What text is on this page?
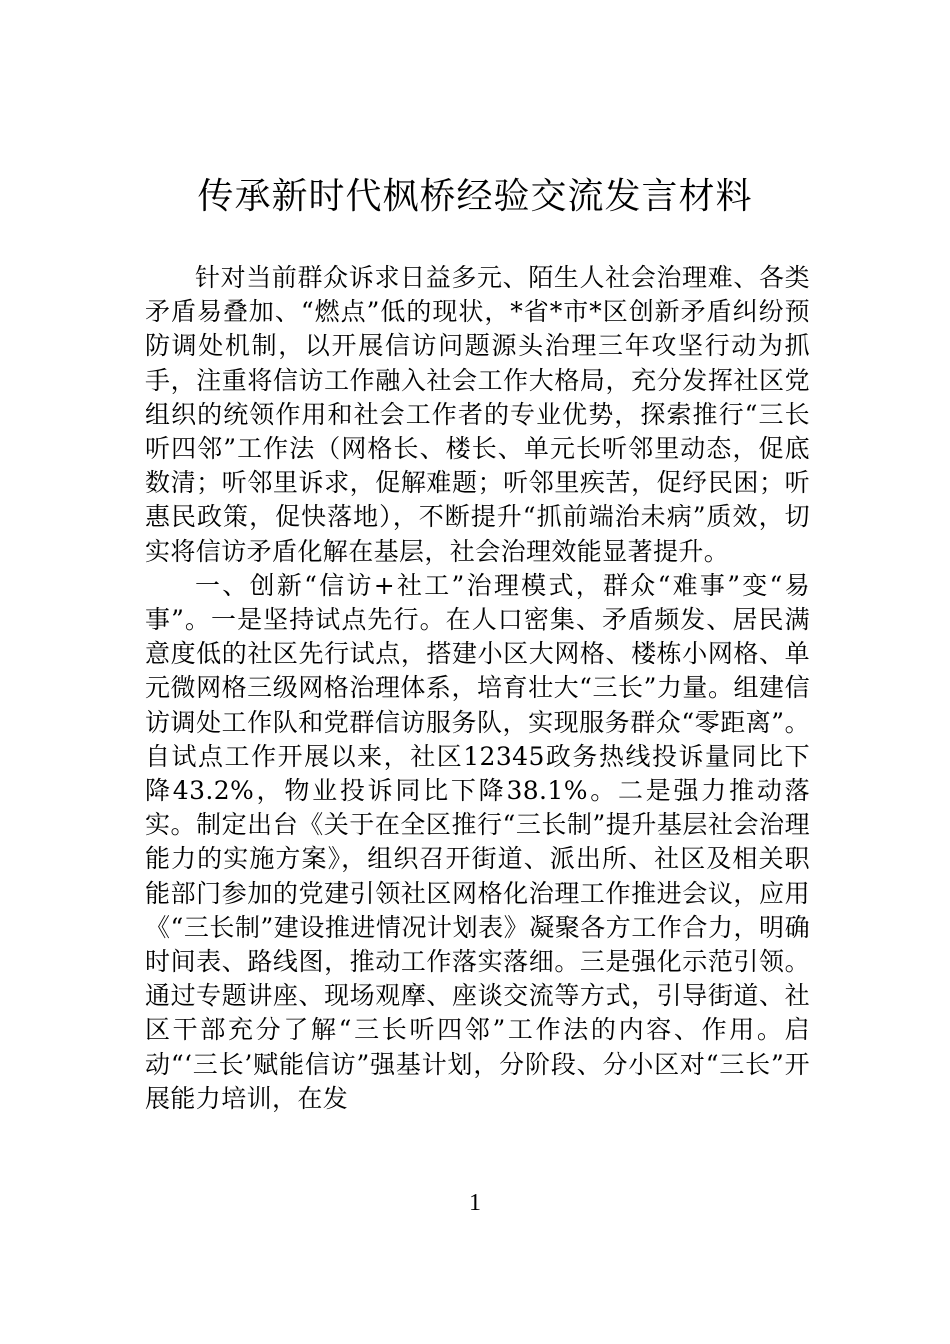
传承新时代枫桥经验交流发言材料

针对当前群众诉求日益多元、陌生人社会治理难、各类矛盾易叠加、“燃点”低的现状，*省*市*区创新矛盾纠纷预防调处机制，以开展信访问题源头治理三年攻坚行动为抓手，注重将信访工作融入社会工作大格局，充分发挥社区党组织的统领作用和社会工作者的专业优势，探索推行“三长听四邻”工作法（网格长、楼长、单元长听邻里动态，促底数清；听邻里诉求，促解难题；听邻里疾苦，促纾民困；听惠民政策，促快落地），不断提升“抓前端治未病”质效，切实将信访矛盾化解在基层，社会治理效能显著提升。

一、创新“信访+社工”治理模式，群众“难事”变“易事”。一是坚持试点先行。在人口密集、矛盾频发、居民满意度低的社区先行试点，搭建小区大网格、楼栋小网格、单元微网格三级网格治理体系，培育壮大“三长”力量。组建信访调处工作队和党群信访服务队，实现服务群众“零距离”。自试点工作开展以来，社区12345政务热线投诉量同比下降43.2%，物业投诉同比下降38.1%。二是强力推动落实。制定出台《关于在全区推行“三长制”提升基层社会治理能力的实施方案》，组织召开街道、派出所、社区及相关职能部门参加的党建引领社区网格化治理工作推进会议，应用《“三长制”建设推进情况计划表》凝聚各方工作合力，明确时间表、路线图，推动工作落实落细。三是强化示范引领。通过专题讲座、现场观摩、座谈交流等方式，引导街道、社区干部充分了解“三长听四邻”工作法的内容、作用。启动“‘三长’赋能信访”强基计划，分阶段、分小区对“三长”开展能力培训，在发

1
